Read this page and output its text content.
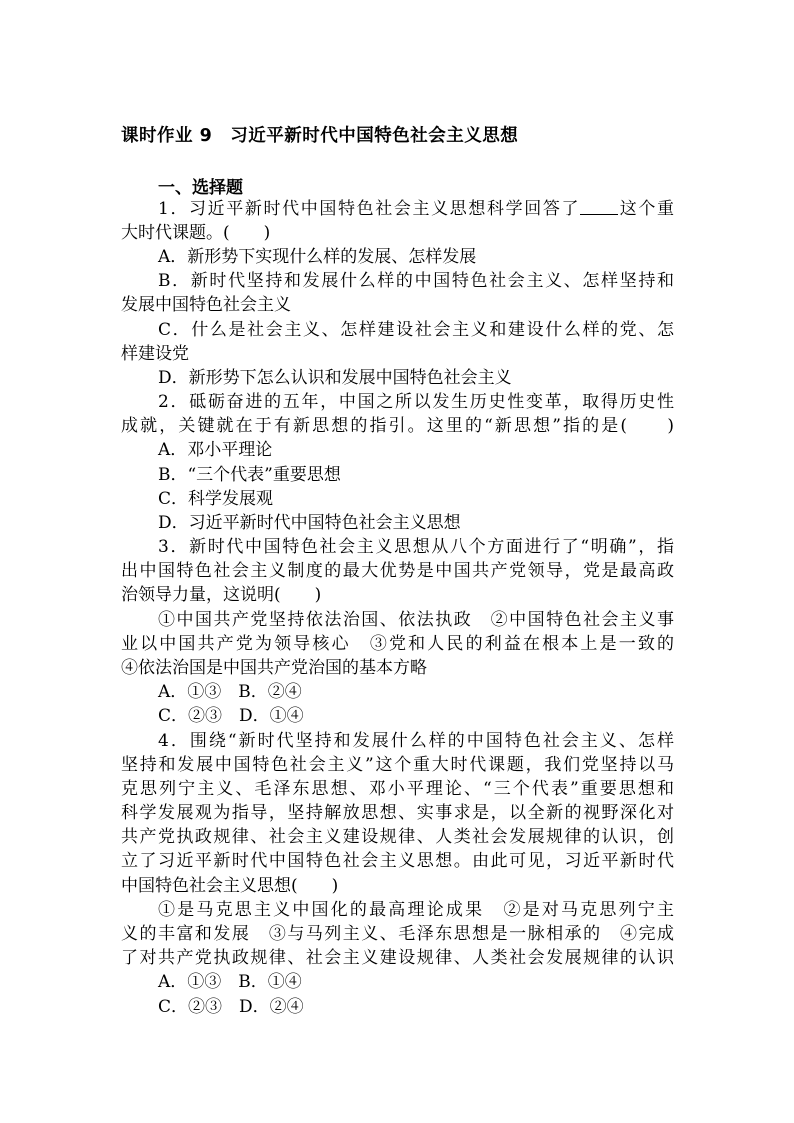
课时作业 9　习近平新时代中国特色社会主义思想
一、选择题
1．习近平新时代中国特色社会主义思想科学回答了 这个重
大时代课题。(　　)
A．新形势下实现什么样的发展、怎样发展
B．新时代坚持和发展什么样的中国特色社会主义、怎样坚持和
发展中国特色社会主义
C．什么是社会主义、怎样建设社会主义和建设什么样的党、怎
样建设党
D．新形势下怎么认识和发展中国特色社会主义
2．砥砺奋进的五年，中国之所以发生历史性变革，取得历史性
成就，关键就在于有新思想的指引。这里的“新思想”指的是(　　)
A．邓小平理论
B．“三个代表”重要思想
C．科学发展观
D．习近平新时代中国特色社会主义思想
3．新时代中国特色社会主义思想从八个方面进行了“明确”，指
出中国特色社会主义制度的最大优势是中国共产党领导，党是最高政
治领导力量，这说明(　　)
①中国共产党坚持依法治国、依法执政　②中国特色社会主义事
业以中国共产党为领导核心　③党和人民的利益在根本上是一致的
④依法治国是中国共产党治国的基本方略
A．①③　B．②④
C．②③　D．①④
4．围绕“新时代坚持和发展什么样的中国特色社会主义、怎样
坚持和发展中国特色社会主义”这个重大时代课题，我们党坚持以马
克思列宁主义、毛泽东思想、邓小平理论、“三个代表”重要思想和
科学发展观为指导，坚持解放思想、实事求是，以全新的视野深化对
共产党执政规律、社会主义建设规律、人类社会发展规律的认识，创
立了习近平新时代中国特色社会主义思想。由此可见，习近平新时代
中国特色社会主义思想(　　)
①是马克思主义中国化的最高理论成果　②是对马克思列宁主
义的丰富和发展　③与马列主义、毛泽东思想是一脉相承的　④完成
了对共产党执政规律、社会主义建设规律、人类社会发展规律的认识
A．①③　B．①④
C．②③　D．②④
